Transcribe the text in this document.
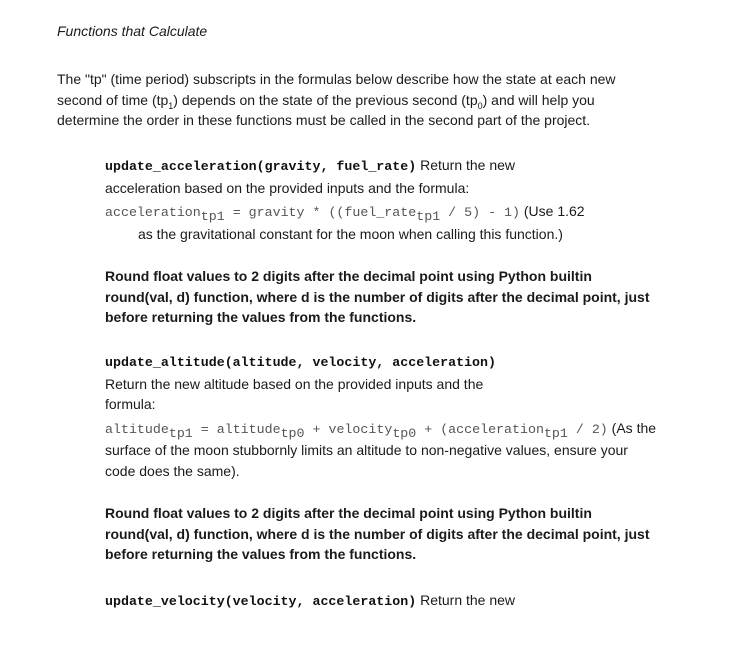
Functions that Calculate
The "tp" (time period) subscripts in the formulas below describe how the state at each new
second of time $(tp_1)$ depends on the state of the previous second $(tp_0)$ and will help you
determine the order in these functions must be called in the second part of the project.
update_acceleration(gravity, fuel_rate) Return the new
acceleration based on the provided inputs and the formula:
acceleration$_{tp1}$ = gravity * ((fuel_rate$_{tp1}$ / 5) - 1) (Use 1.62
as the gravitational constant for the moon when calling this function.)
Round float values to 2 digits after the decimal point using Python builtin
round(val, d) function, where d is the number of digits after the decimal point, just
before returning the values from the functions.
update_altitude(altitude, velocity, acceleration)
Return the new altitude based on the provided inputs and the
formula:
altitude$_{tp1}$ = altitude$_{tp0}$ + velocity$_{tp0}$ + (acceleration$_{tp1}$ / 2) (As the
surface of the moon stubbornly limits an altitude to non-negative values, ensure your
code does the same).
Round float values to 2 digits after the decimal point using Python builtin
round(val, d) function, where d is the number of digits after the decimal point, just
before returning the values from the functions.
update_velocity(velocity, acceleration) Return the new
